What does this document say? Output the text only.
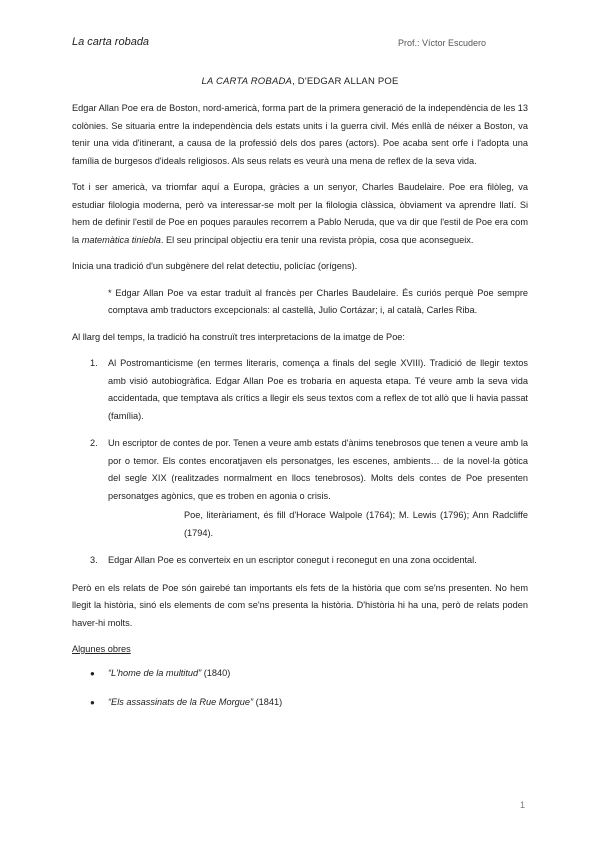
La carta robada	Prof.: Víctor Escudero
LA CARTA ROBADA, D'EDGAR ALLAN POE

Edgar Allan Poe era de Boston, nord-americà, forma part de la primera generació de la independència de les 13 colònies. Se situaria entre la independència dels estats units i la guerra civil. Més enllà de néixer a Boston, va tenir una vida d'itinerant, a causa de la professió dels dos pares (actors). Poe acaba sent orfe i l'adopta una família de burgesos d'ideals religiosos. Als seus relats es veurà una mena de reflex de la seva vida.

Tot i ser americà, va triomfar aquí a Europa, gràcies a un senyor, Charles Baudelaire. Poe era filòleg, va estudiar filologia moderna, però va interessar-se molt per la filologia clàssica, òbviament va aprendre llatí. Si hem de definir l'estil de Poe en poques paraules recorrem a Pablo Neruda, que va dir que l'estil de Poe era com la matemàtica tiniebla. El seu principal objectiu era tenir una revista pròpia, cosa que aconsegueix.

Inicia una tradició d'un subgènere del relat detectiu, policíac (orígens).

* Edgar Allan Poe va estar traduït al francès per Charles Baudelaire. És curiós perquè Poe sempre comptava amb traductors excepcionals: al castellà, Julio Cortázar; i, al català, Carles Riba.

Al llarg del temps, la tradició ha construït tres interpretacions de la imatge de Poe:

1. Al Postromanticisme (en termes literaris, comença a finals del segle XVIII). Tradició de llegir textos amb visió autobiogràfica. Edgar Allan Poe es trobaria en aquesta etapa. Té veure amb la seva vida accidentada, que temptava als crítics a llegir els seus textos com a reflex de tot allò que li havia passat (família).
2. Un escriptor de contes de por. Tenen a veure amb estats d'ànims tenebrosos que tenen a veure amb la por o temor. Els contes encoratjaven els personatges, les escenes, ambients… de la novel·la gòtica del segle XIX (realitzades normalment en llocs tenebrosos). Molts dels contes de Poe presenten personatges agònics, que es troben en agonia o crisis.
Poe, literàriament, és fill d'Horace Walpole (1764); M. Lewis (1796); Ann Radcliffe (1794).
3. Edgar Allan Poe es converteix en un escriptor conegut i reconegut en una zona occidental.

Però en els relats de Poe són gairebé tan importants els fets de la història que com se'ns presenten. No hem llegit la història, sinó els elements de com se'ns presenta la història. D'història hi ha una, però de relats poden haver-hi molts.

Algunes obres

● “L'home de la multitud” (1840)
● “Els assassinats de la Rue Morgue” (1841)
1
